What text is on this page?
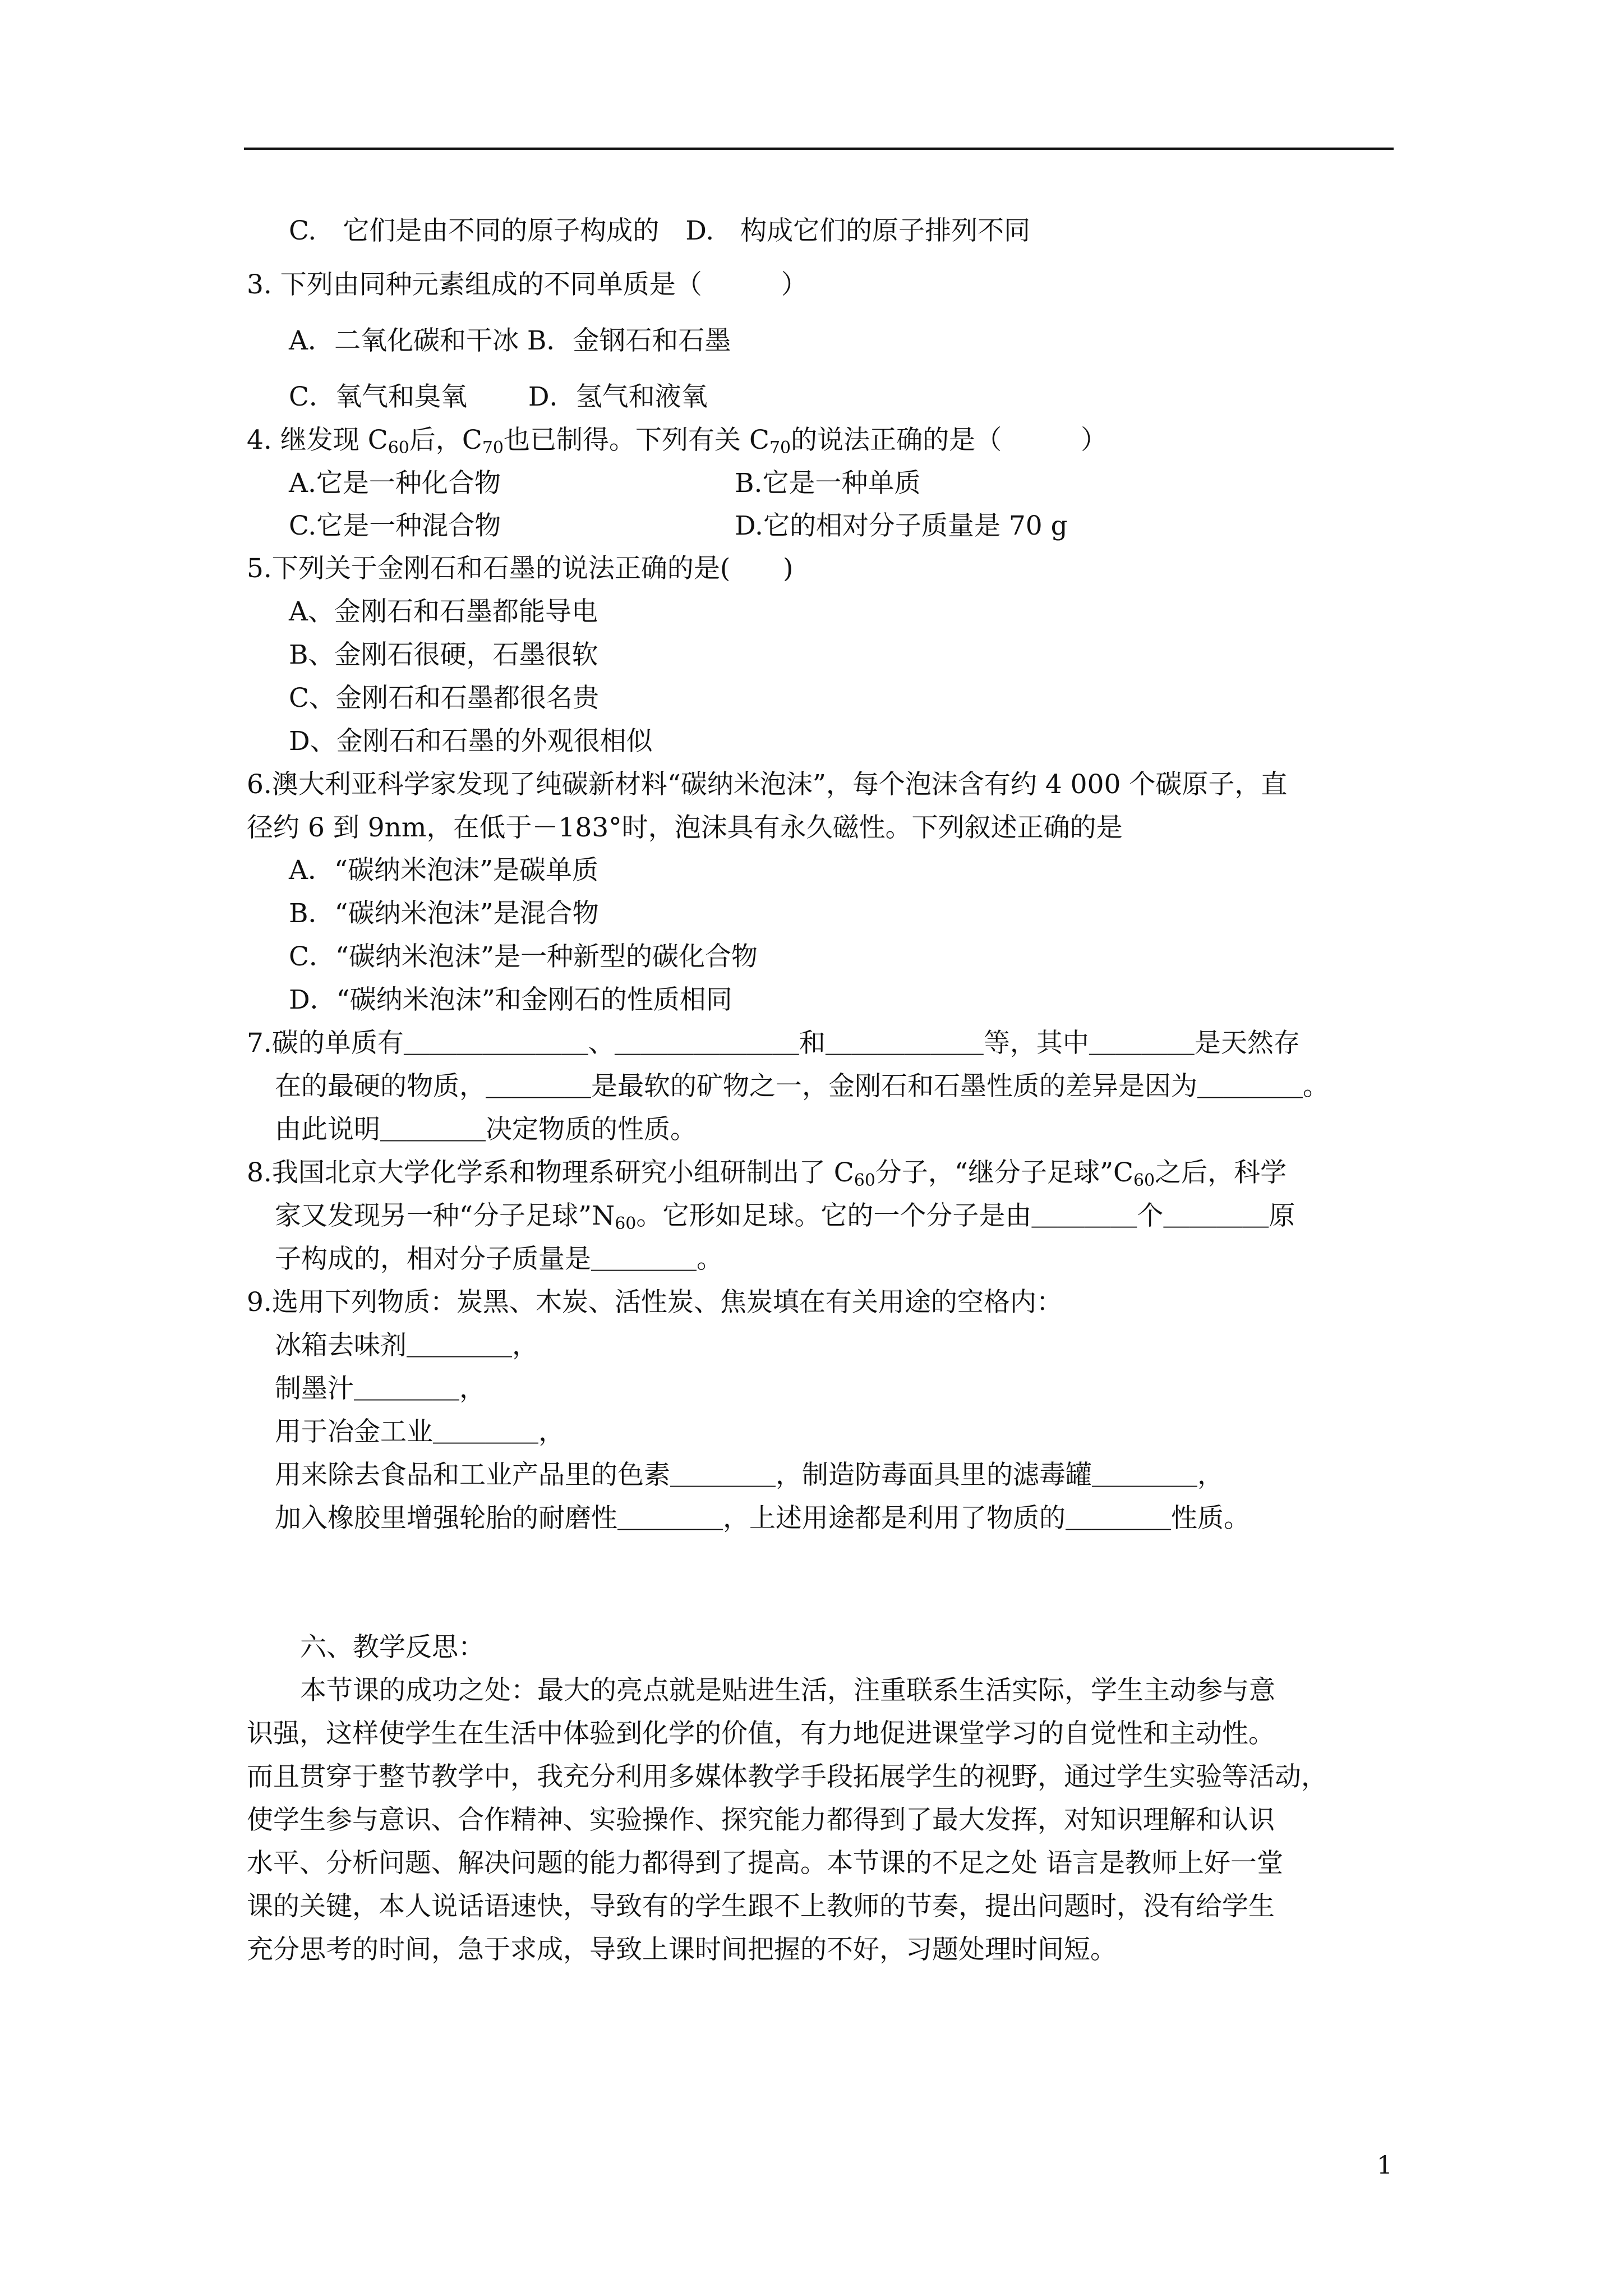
C.　它们是由不同的原子构成的　D.　构成它们的原子排列不同
3. 下列由同种元素组成的不同单质是（　　　）
A．二氧化碳和干冰 B．金钢石和石墨
C．氧气和臭氧　　 D．氢气和液氧
4. 继发现 $C_{60}$后，$C_{70}$也已制得。下列有关 $C_{70}$的说法正确的是（　　　）
A.它是一种化合物	B.它是一种单质
C.它是一种混合物	D.它的相对分子质量是 70 g
5.下列关于金刚石和石墨的说法正确的是(　　)
A、金刚石和石墨都能导电
B、金刚石很硬，石墨很软
C、金刚石和石墨都很名贵
D、金刚石和石墨的外观很相似
6.澳大利亚科学家发现了纯碳新材料“碳纳米泡沫”，每个泡沫含有约 4 000 个碳原子，直
径约 6 到 9nm，在低于－183°时，泡沫具有永久磁性。下列叙述正确的是
A．“碳纳米泡沫”是碳单质
B．“碳纳米泡沫”是混合物
C．“碳纳米泡沫”是一种新型的碳化合物
D．“碳纳米泡沫”和金刚石的性质相同
7.碳的单质有＿＿＿＿＿＿＿、＿＿＿＿＿＿＿和＿＿＿＿＿＿等，其中＿＿＿＿是天然存
在的最硬的物质，＿＿＿＿是最软的矿物之一，金刚石和石墨性质的差异是因为＿＿＿＿。
由此说明＿＿＿＿决定物质的性质。
8.我国北京大学化学系和物理系研究小组研制出了 $C_{60}$分子，“继分子足球$”C_{60}$之后，科学
家又发现另一种“分子足球$”N_{60}$。它形如足球。它的一个分子是由＿＿＿＿个＿＿＿＿原
子构成的，相对分子质量是＿＿＿＿。
9.选用下列物质：炭黑、木炭、活性炭、焦炭填在有关用途的空格内：
冰箱去味剂＿＿＿＿，
制墨汁＿＿＿＿，
用于冶金工业＿＿＿＿，
用来除去食品和工业产品里的色素＿＿＿＿，制造防毒面具里的滤毒罐＿＿＿＿，
加入橡胶里增强轮胎的耐磨性＿＿＿＿，上述用途都是利用了物质的＿＿＿＿性质。
六、教学反思：
本节课的成功之处：最大的亮点就是贴进生活，注重联系生活实际，学生主动参与意
识强，这样使学生在生活中体验到化学的价值，有力地促进课堂学习的自觉性和主动性。
而且贯穿于整节教学中，我充分利用多媒体教学手段拓展学生的视野，通过学生实验等活动，
使学生参与意识、合作精神、实验操作、探究能力都得到了最大发挥，对知识理解和认识
水平、分析问题、解决问题的能力都得到了提高。本节课的不足之处 语言是教师上好一堂
课的关键，本人说话语速快，导致有的学生跟不上教师的节奏，提出问题时，没有给学生
充分思考的时间，急于求成，导致上课时间把握的不好，习题处理时间短。
1
